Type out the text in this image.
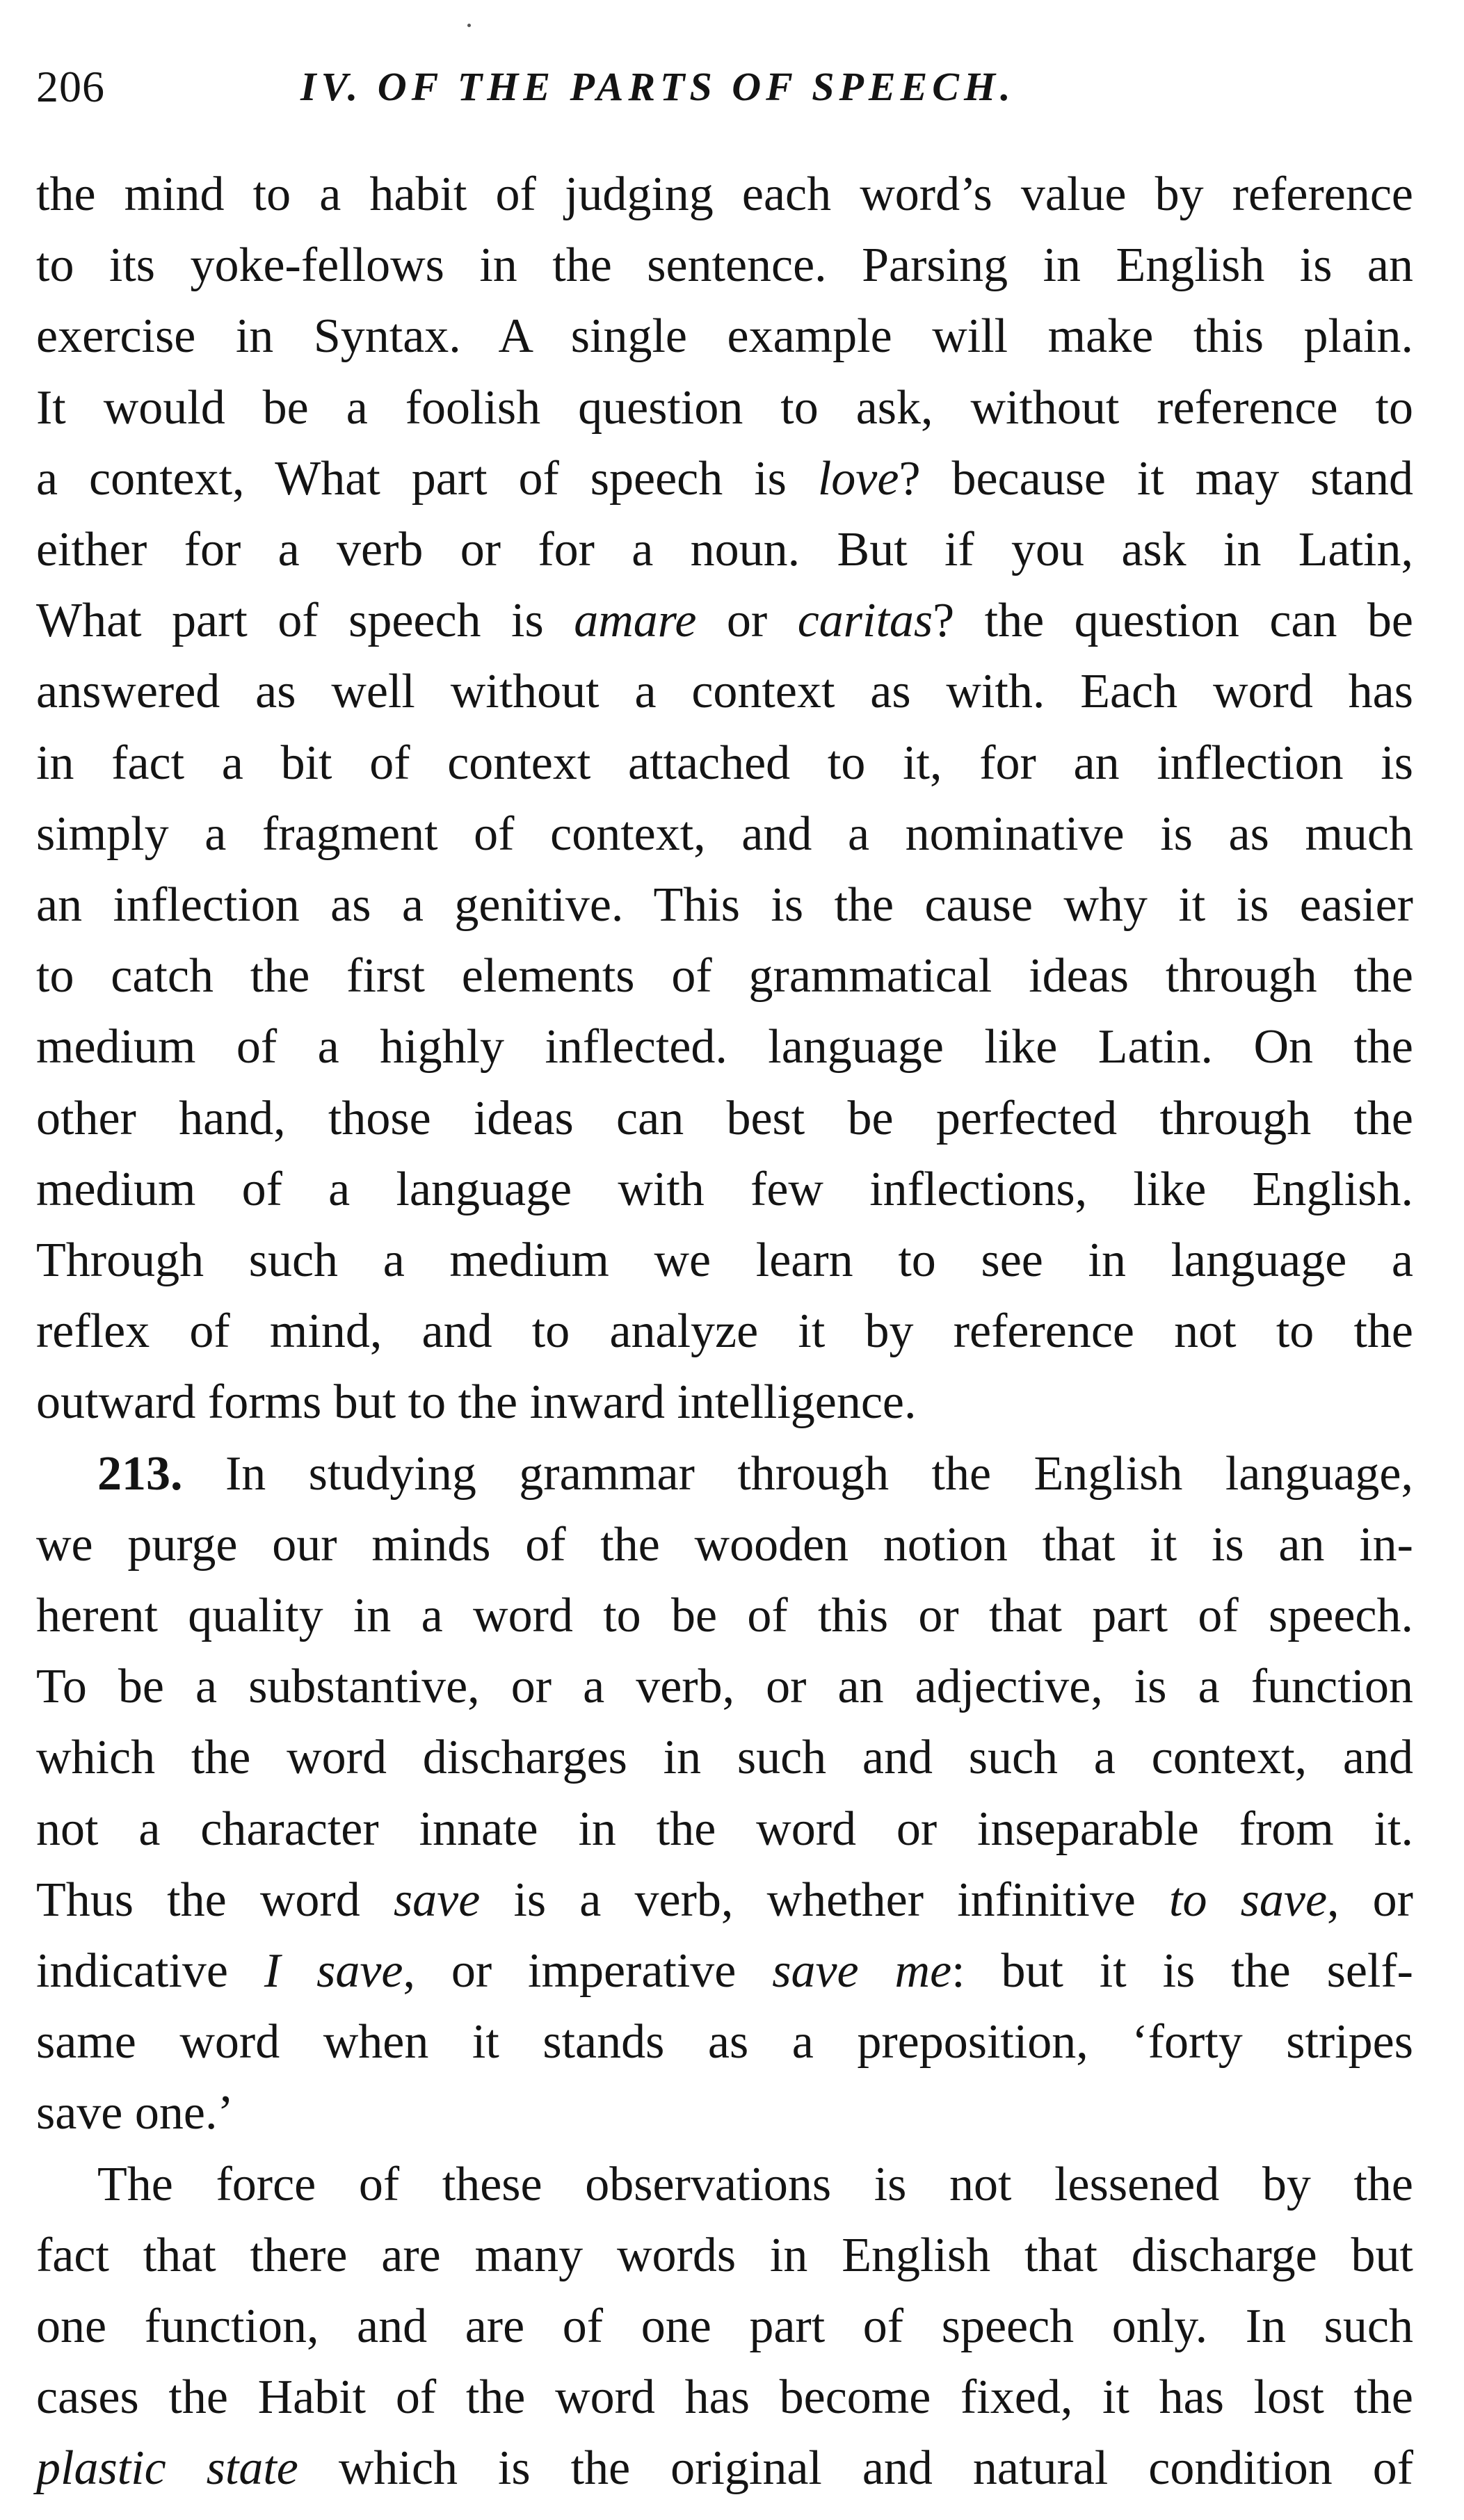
206	IV. OF THE PARTS OF SPEECH.
the mind to a habit of judging each word’s value by reference
to its yoke-fellows in the sentence. Parsing in English is an
exercise in Syntax. A single example will make this plain.
It would be a foolish question to ask, without reference to
a context, What part of speech is love? because it may stand
either for a verb or for a noun. But if you ask in Latin,
What part of speech is amare or caritas? the question can be
answered as well without a context as with. Each word has
in fact a bit of context attached to it, for an inflection is
simply a fragment of context, and a nominative is as much
an inflection as a genitive. This is the cause why it is easier
to catch the first elements of grammatical ideas through the
medium of a highly inflected. language like Latin. On the
other hand, those ideas can best be perfected through the
medium of a language with few inflections, like English.
Through such a medium we learn to see in language a
reflex of mind, and to analyze it by reference not to the
outward forms but to the inward intelligence.
213. In studying grammar through the English language,
we purge our minds of the wooden notion that it is an in-
herent quality in a word to be of this or that part of speech.
To be a substantive, or a verb, or an adjective, is a function
which the word discharges in such and such a context, and
not a character innate in the word or inseparable from it.
Thus the word save is a verb, whether infinitive to save, or
indicative I save, or imperative save me: but it is the self-
same word when it stands as a preposition, ‘forty stripes
save one.’
The force of these observations is not lessened by the
fact that there are many words in English that discharge but
one function, and are of one part of speech only. In such
cases the Habit of the word has become fixed, it has lost the
plastic state which is the original and natural condition of
